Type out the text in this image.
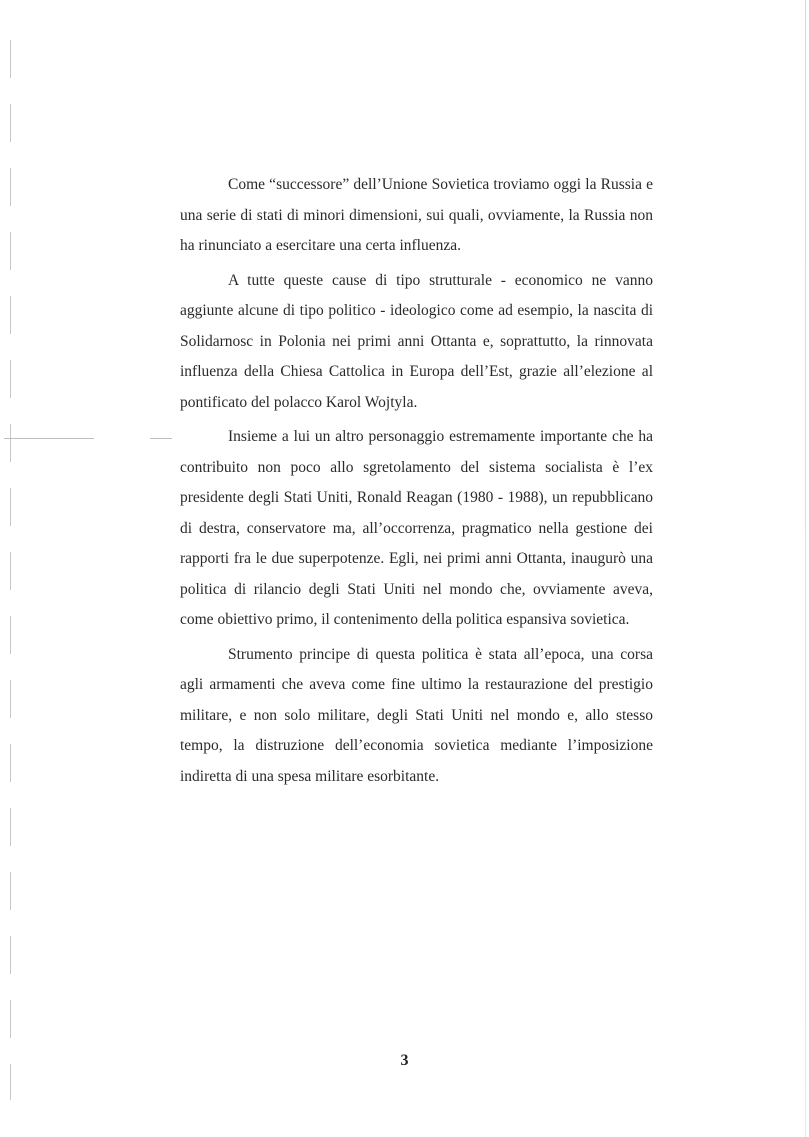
Come “successore” dell’Unione Sovietica troviamo oggi la Russia e una serie di stati di minori dimensioni, sui quali, ovviamente, la Russia non ha rinunciato a esercitare una certa influenza.

A tutte queste cause di tipo strutturale - economico ne vanno aggiunte alcune di tipo politico - ideologico come ad esempio, la nascita di Solidarnosc in Polonia nei primi anni Ottanta e, soprattutto, la rinnovata influenza della Chiesa Cattolica in Europa dell’Est, grazie all’elezione al pontificato del polacco Karol Wojtyla.

Insieme a lui un altro personaggio estremamente importante che ha contribuito non poco allo sgretolamento del sistema socialista è l’ex presidente degli Stati Uniti, Ronald Reagan (1980 - 1988), un repubblicano di destra, conservatore ma, all’occorrenza, pragmatico nella gestione dei rapporti fra le due superpotenze. Egli, nei primi anni Ottanta, inaugurò una politica di rilancio degli Stati Uniti nel mondo che, ovviamente aveva, come obiettivo primo, il contenimento della politica espansiva sovietica.

Strumento principe di questa politica è stata all’epoca, una corsa agli armamenti che aveva come fine ultimo la restaurazione del prestigio militare, e non solo militare, degli Stati Uniti nel mondo e, allo stesso tempo, la distruzione dell’economia sovietica mediante l’imposizione indiretta di una spesa militare esorbitante.

3
